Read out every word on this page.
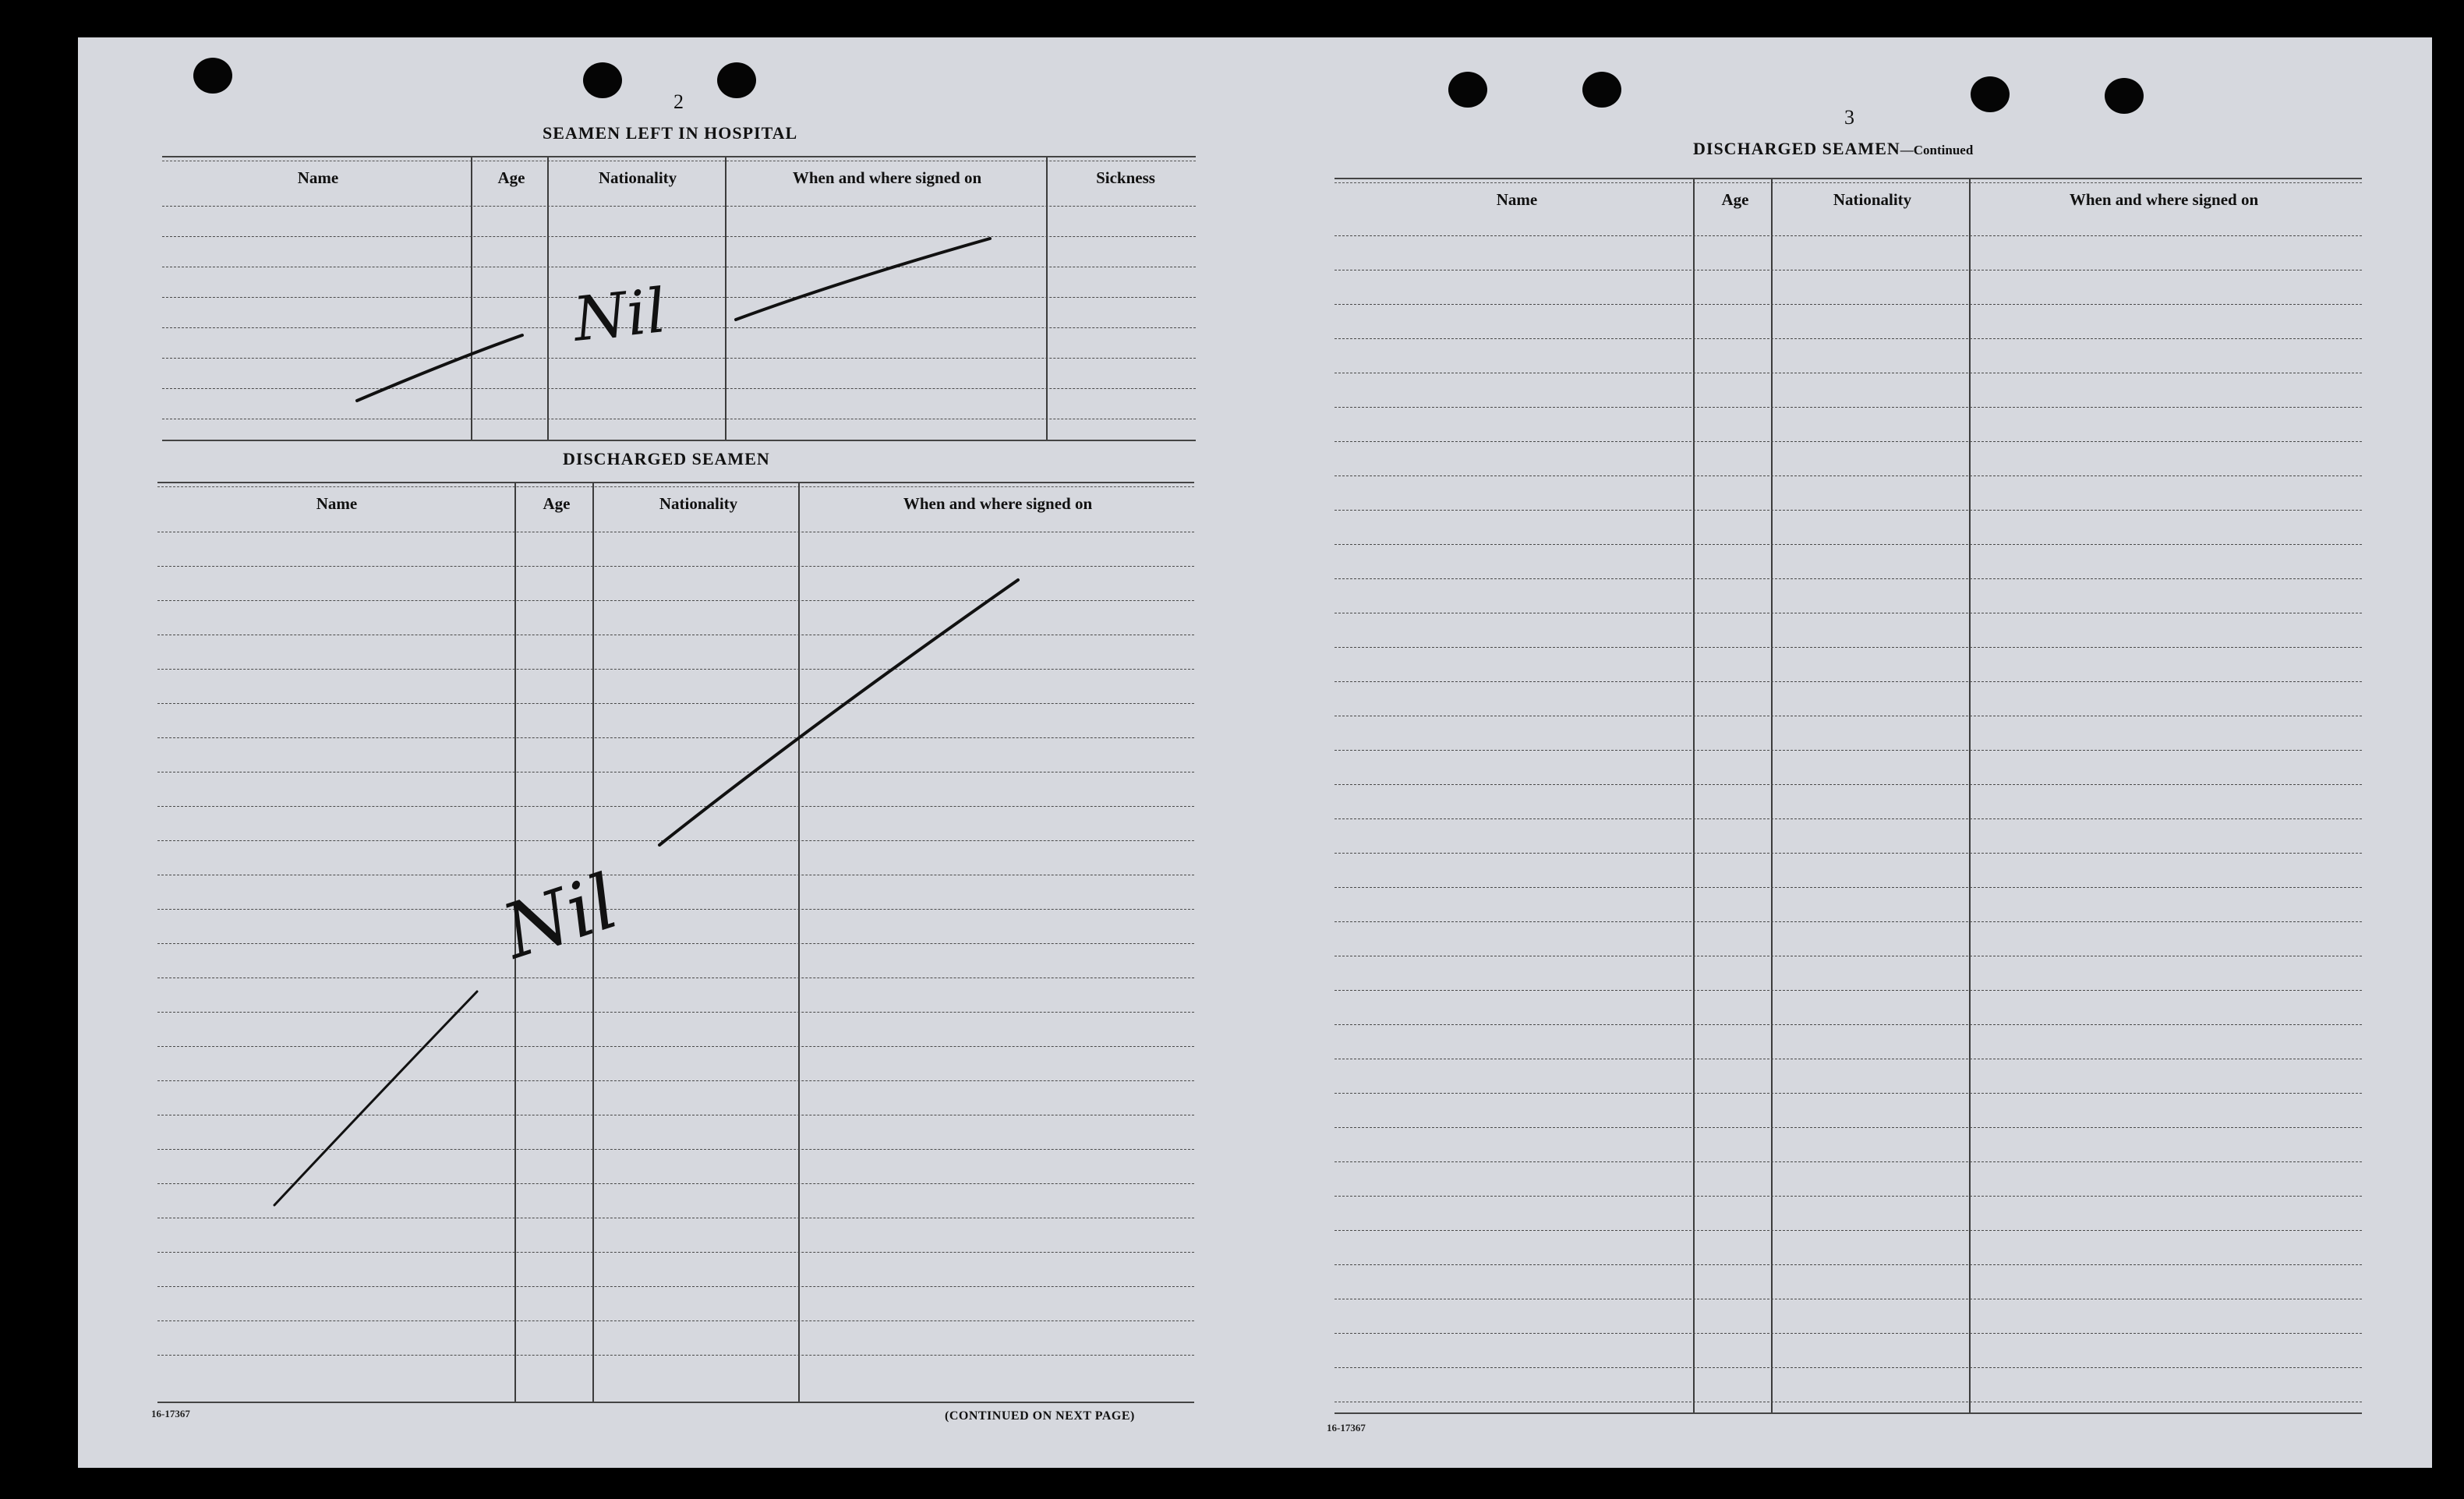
2
SEAMEN LEFT IN HOSPITAL
Name	Age	Nationality	When and where signed on	Sickness
DISCHARGED SEAMEN
Name	Age	Nationality	When and where signed on
16-17367	(CONTINUED ON NEXT PAGE)
3
DISCHARGED SEAMEN—Continued
Name	Age	Nationality	When and where signed on
16-17367
Nil
Nil
